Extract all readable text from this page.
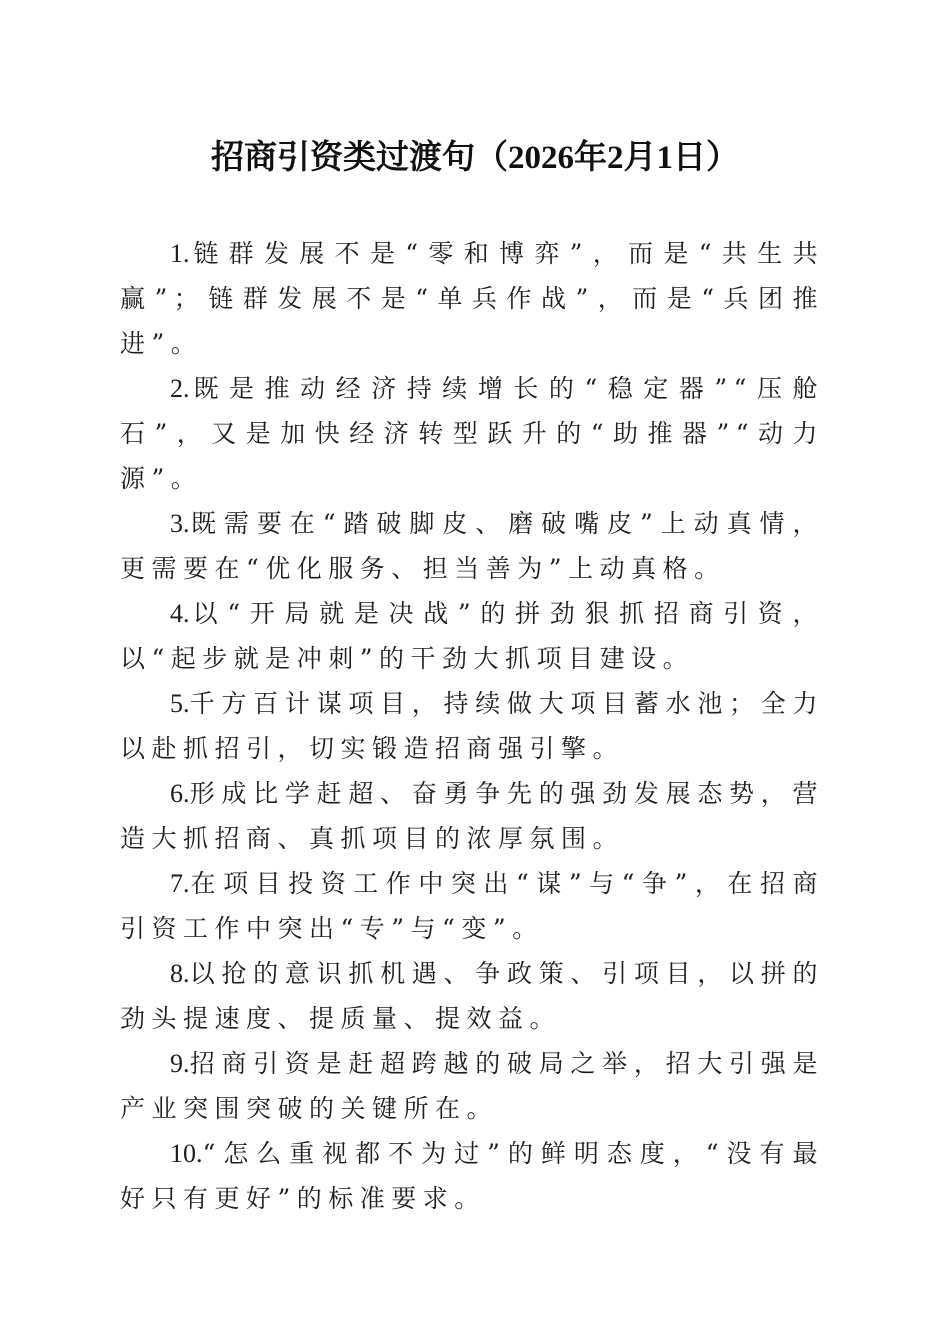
招商引资类过渡句（2026年2月1日）

1.链群发展不是“零和博弈”，而是“共生共赢”；链群发展不是“单兵作战”，而是“兵团推进”。

2.既是推动经济持续增长的“稳定器”“压舱石”，又是加快经济转型跃升的“助推器”“动力源”。

3.既需要在“踏破脚皮、磨破嘴皮”上动真情，更需要在“优化服务、担当善为”上动真格。

4.以“开局就是决战”的拼劲狠抓招商引资，以“起步就是冲刺”的干劲大抓项目建设。

5.千方百计谋项目，持续做大项目蓄水池；全力以赴抓招引，切实锻造招商强引擎。

6.形成比学赶超、奋勇争先的强劲发展态势，营造大抓招商、真抓项目的浓厚氛围。

7.在项目投资工作中突出“谋”与“争”，在招商引资工作中突出“专”与“变”。

8.以抢的意识抓机遇、争政策、引项目，以拼的劲头提速度、提质量、提效益。

9.招商引资是赶超跨越的破局之举，招大引强是产业突围突破的关键所在。

10.“怎么重视都不为过”的鲜明态度，“没有最好只有更好”的标准要求。
